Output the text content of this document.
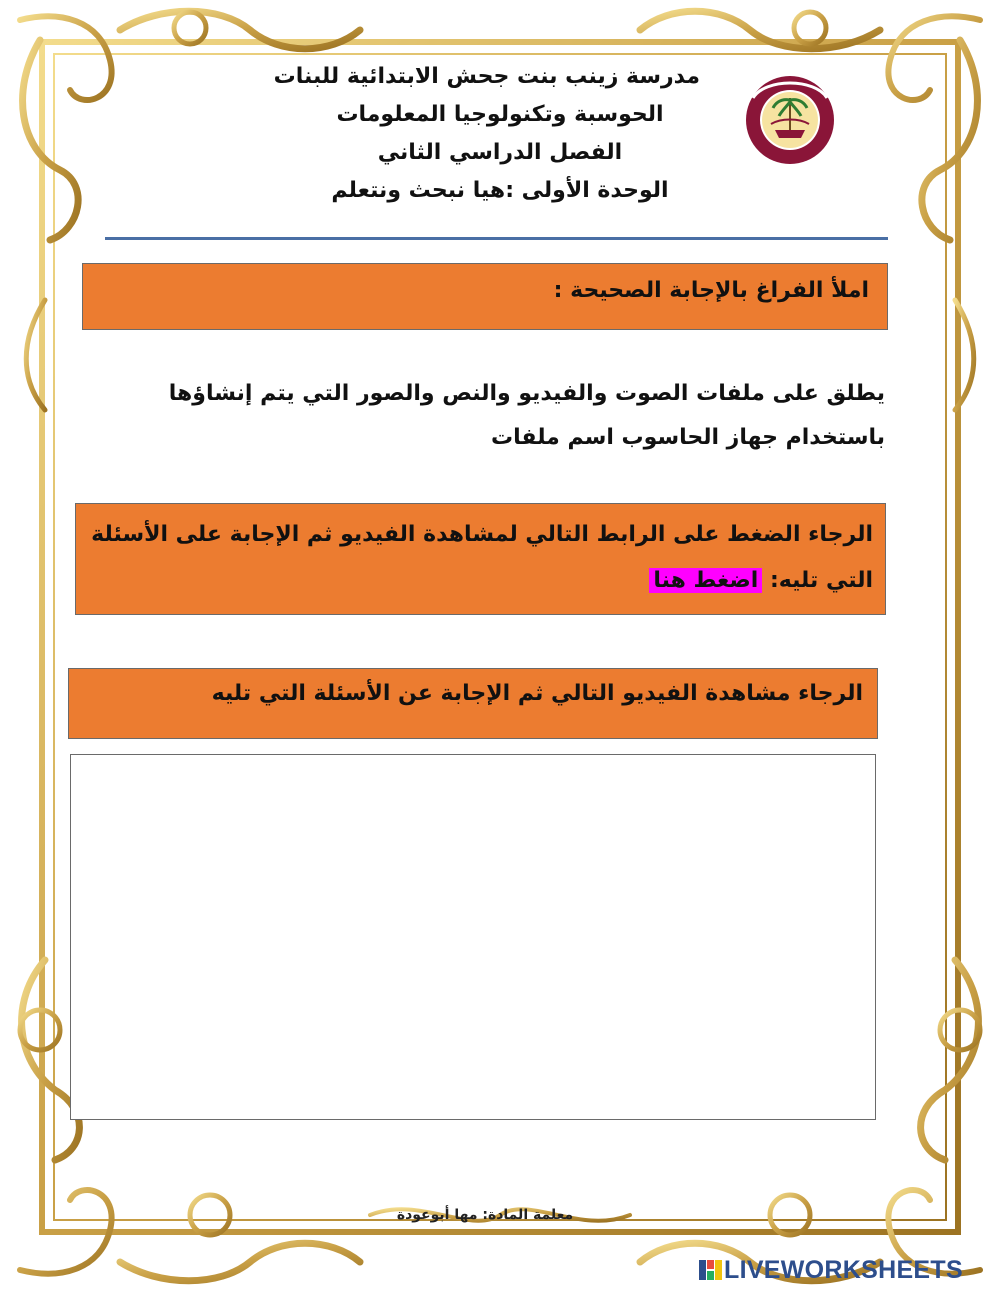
مدرسة زينب بنت جحش الابتدائية للبنات
الحوسبة وتكنولوجيا المعلومات
الفصل الدراسي الثاني
الوحدة الأولى :هيا نبحث ونتعلم
املأ الفراغ بالإجابة الصحيحة :
يطلق على ملفات الصوت والفيديو والنص والصور التي يتم إنشاؤها
باستخدام جهاز الحاسوب اسم ملفات
الرجاء الضغط على الرابط التالي لمشاهدة الفيديو ثم الإجابة على الأسئلة
التي تليه: اضغط هنا
الرجاء مشاهدة الفيديو التالي ثم الإجابة عن الأسئلة التي تليه
معلمة المادة: مها أبوعودة
LIVEWORKSHEETS
